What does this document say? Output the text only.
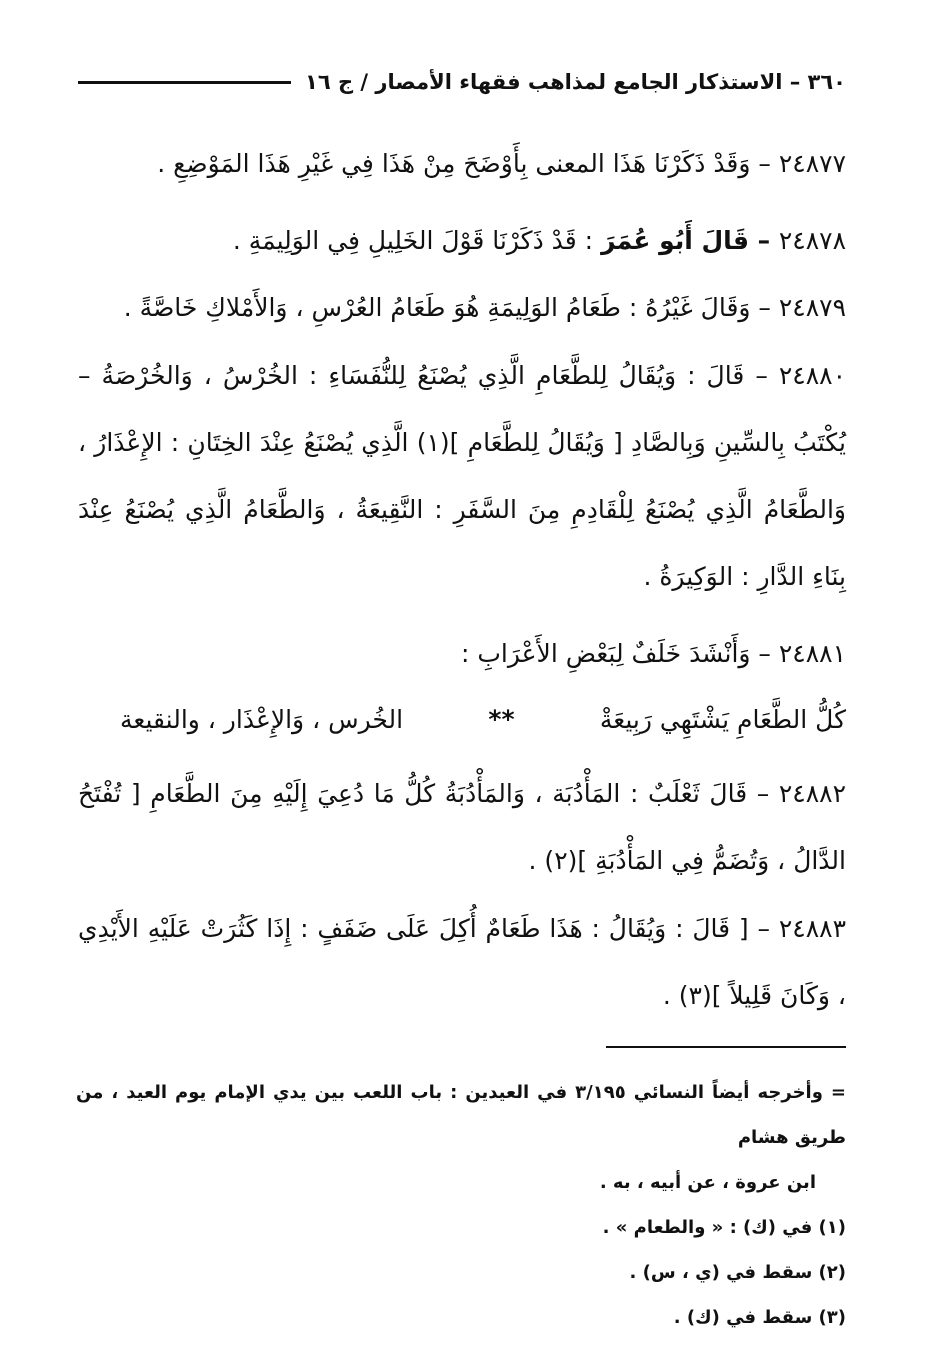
٣٦٠ – الاستذكار الجامع لمذاهب فقهاء الأمصار / ج ١٦
٢٤٨٧٧ – وَقَدْ ذَكَرْنَا هَذَا المعنى بِأَوْضَحَ مِنْ هَذَا فِي غَيْرِ هَذَا المَوْضِعِ .
٢٤٨٧٨ – قَالَ أَبُو عُمَرَ : قَدْ ذَكَرْنَا قَوْلَ الخَلِيلِ فِي الوَلِيمَةِ .
٢٤٨٧٩ – وَقَالَ غَيْرُهُ : طَعَامُ الوَلِيمَةِ هُوَ طَعَامُ العُرْسِ ، وَالأَمْلاكِ خَاصَّةً .
٢٤٨٨٠ – قَالَ : وَيُقَالُ لِلطَّعَامِ الَّذِي يُصْنَعُ لِلنُّفَسَاءِ : الخُرْسُ ، وَالخُرْصَةُ – يُكْتَبُ بِالسِّينِ وَبِالصَّادِ [ وَيُقَالُ لِلطَّعَامِ ](١) الَّذِي يُصْنَعُ عِنْدَ الخِتَانِ : الإِعْذَارُ ، وَالطَّعَامُ الَّذِي يُصْنَعُ لِلْقَادِمِ مِنَ السَّفَرِ : النَّقِيعَةُ ، وَالطَّعَامُ الَّذِي يُصْنَعُ عِنْدَ بِنَاءِ الدَّارِ : الوَكِيرَةُ .
٢٤٨٨١ – وَأَنْشَدَ خَلَفٌ لِبَعْضِ الأَعْرَابِ :
كُلُّ الطَّعَامِ يَشْتَهِي رَبِيعَةْ
**
الخُرس ، وَالإِعْذَار ، والنقيعة
٢٤٨٨٢ – قَالَ ثَعْلَبٌ : المَأْدُبَة ، وَالمَأْدُبَةُ كُلُّ مَا دُعِيَ إِلَيْهِ مِنَ الطَّعَامِ [ تُفْتَحُ الدَّالُ ، وَتُضَمُّ فِي المَأْدُبَةِ ](٢) .
٢٤٨٨٣ – [ قَالَ : وَيُقَالُ : هَذَا طَعَامٌ أُكِلَ عَلَى ضَفَفٍ : إِذَا كَثُرَتْ عَلَيْهِ الأَيْدِي ، وَكَانَ قَلِيلاً ](٣) .
= وأخرجه أيضاً النسائي ٣/١٩٥ في العيدين : باب اللعب بين يدي الإمام يوم العيد ، من طريق هشام
ابن عروة ، عن أبيه ، به .
(١) في (ك) : « والطعام » .
(٢) سقط في (ي ، س) .
(٣) سقط في (ك) .
